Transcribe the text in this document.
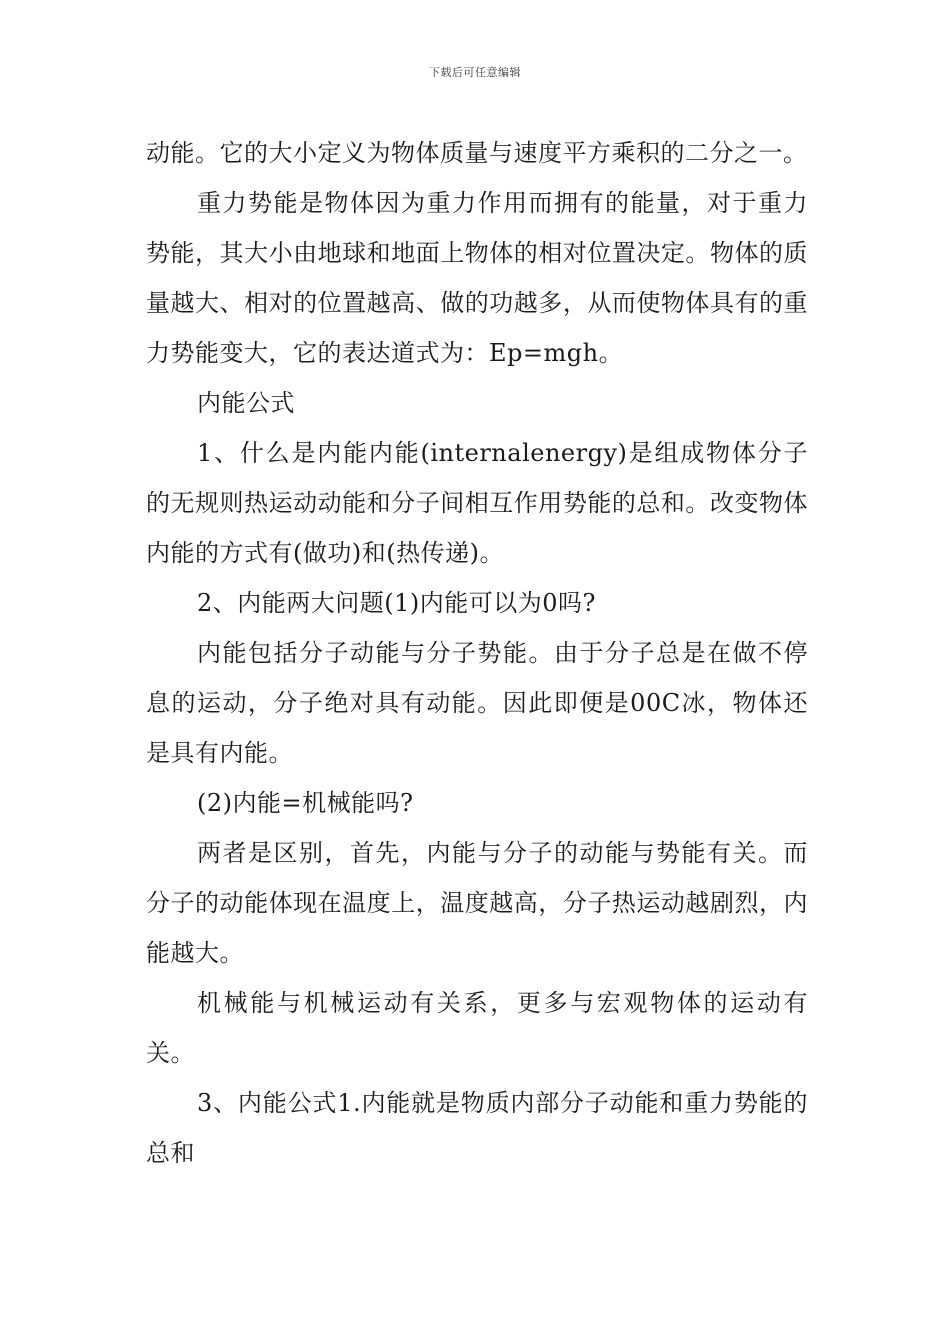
下载后可任意编辑

动能。它的大小定义为物体质量与速度平方乘积的二分之一。

重力势能是物体因为重力作用而拥有的能量，对于重力势能，其大小由地球和地面上物体的相对位置决定。物体的质量越大、相对的位置越高、做的功越多，从而使物体具有的重力势能变大，它的表达道式为：Ep=mgh。

内能公式

1、什么是内能内能(internalenergy)是组成物体分子的无规则热运动动能和分子间相互作用势能的总和。改变物体内能的方式有(做功)和(热传递)。

2、内能两大问题(1)内能可以为0吗?

内能包括分子动能与分子势能。由于分子总是在做不停息的运动，分子绝对具有动能。因此即便是00C冰，物体还是具有内能。

(2)内能=机械能吗?

两者是区别，首先，内能与分子的动能与势能有关。而分子的动能体现在温度上，温度越高，分子热运动越剧烈，内能越大。

机械能与机械运动有关系，更多与宏观物体的运动有关。

3、内能公式1.内能就是物质内部分子动能和重力势能的总和
